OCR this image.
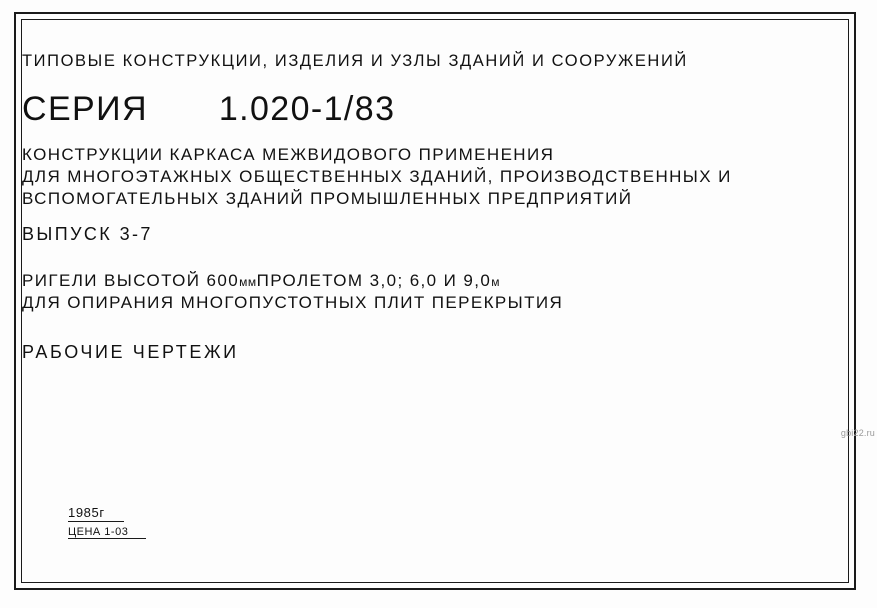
ТИПОВЫЕ КОНСТРУКЦИИ, ИЗДЕЛИЯ И УЗЛЫ ЗДАНИЙ И СООРУЖЕНИЙ
СЕРИЯ 1.020-1/83
КОНСТРУКЦИИ КАРКАСА МЕЖВИДОВОГО ПРИМЕНЕНИЯ
ДЛЯ МНОГОЭТАЖНЫХ ОБЩЕСТВЕННЫХ ЗДАНИЙ, ПРОИЗВОДСТВЕННЫХ И
ВСПОМОГАТЕЛЬНЫХ ЗДАНИЙ ПРОМЫШЛЕННЫХ ПРЕДПРИЯТИЙ
ВЫПУСК 3-7
РИГЕЛИ ВЫСОТОЙ 600ммПРОЛЕТОМ 3,0; 6,0 И 9,0м
ДЛЯ ОПИРАНИЯ МНОГОПУСТОТНЫХ ПЛИТ ПЕРЕКРЫТИЯ
РАБОЧИЕ ЧЕРТЕЖИ
1985г ЦЕНА 1-03
gbi22.ru
